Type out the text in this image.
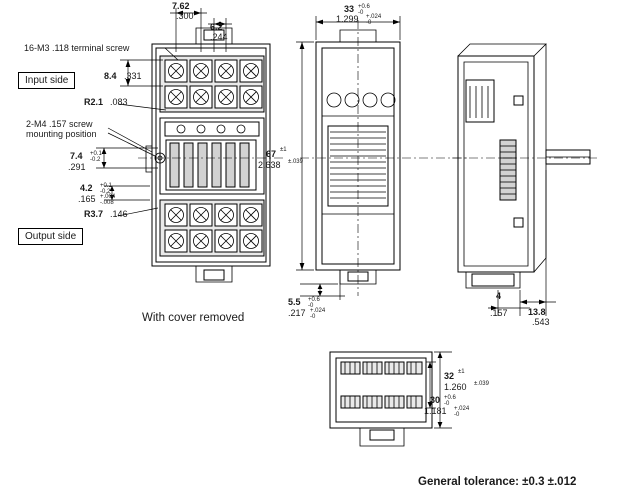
7.62
.300
6.2
.244
16-M3 .118 terminal screw
Input side	8.4 .331
R2.1 .083
2-M4 .157 screw
mounting position
7.4 +0.1
-0.2
.291
4.2 +0.1
-0.2
.165 +.004
-.008
R3.7 .146
Output side
With cover removed
33 +0.6
-0
1.299 +.024
-0
67 ±1
2.638 ±.039
5.5 +0.6
-0
.217 +.024
-0
4
.157 13.8
.543
32 ±1
1.260 ±.039
30 +0.6
-0
1.181 +.024
-0
General tolerance: ±0.3 ±.012
